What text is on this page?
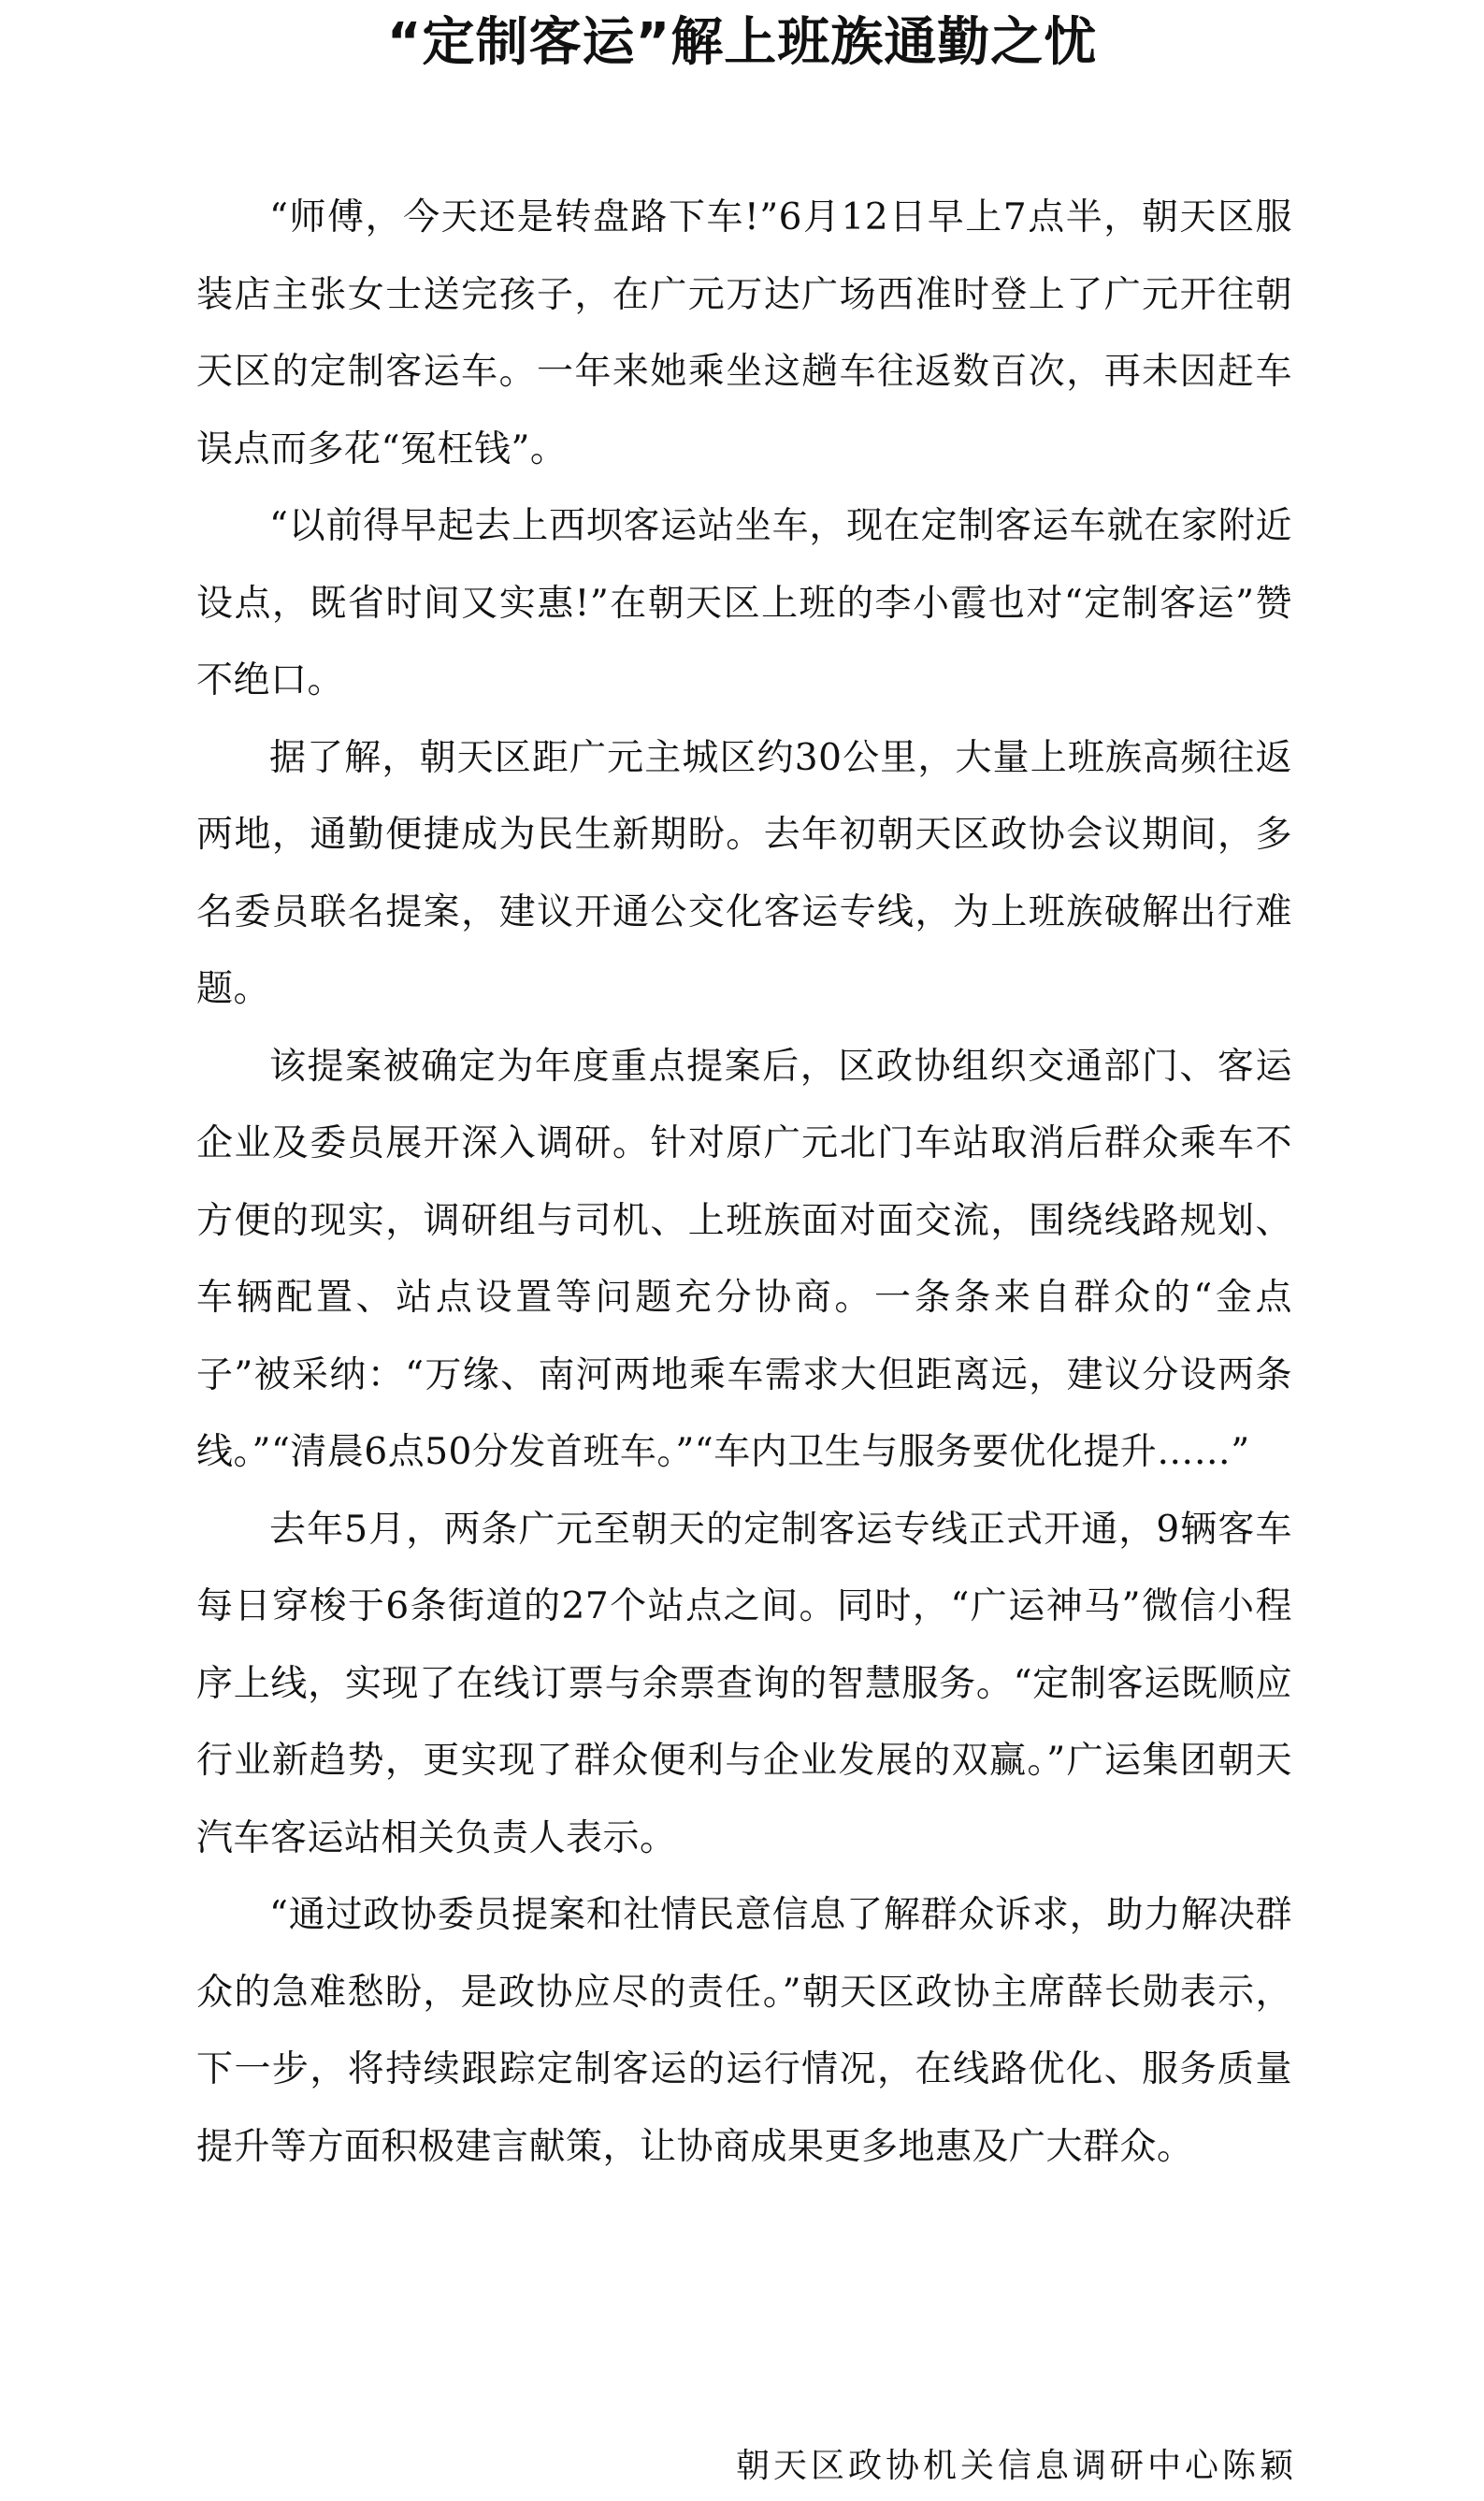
“定制客运”解上班族通勤之忧

“师傅，今天还是转盘路下车!”6月12日早上7点半，朝天区服装店主张女士送完孩子，在广元万达广场西准时登上了广元开往朝天区的定制客运车。一年来她乘坐这趟车往返数百次，再未因赶车误点而多花“冤枉钱”。

“以前得早起去上西坝客运站坐车，现在定制客运车就在家附近设点，既省时间又实惠!”在朝天区上班的李小霞也对“定制客运”赞不绝口。

据了解，朝天区距广元主城区约30公里，大量上班族高频往返两地，通勤便捷成为民生新期盼。去年初朝天区政协会议期间，多名委员联名提案，建议开通公交化客运专线，为上班族破解出行难题。

该提案被确定为年度重点提案后，区政协组织交通部门、客运企业及委员展开深入调研。针对原广元北门车站取消后群众乘车不方便的现实，调研组与司机、上班族面对面交流，围绕线路规划、车辆配置、站点设置等问题充分协商。一条条来自群众的“金点子”被采纳：“万缘、南河两地乘车需求大但距离远，建议分设两条线。”“清晨6点50分发首班车。”“车内卫生与服务要优化提升……”

去年5月，两条广元至朝天的定制客运专线正式开通，9辆客车每日穿梭于6条街道的27个站点之间。同时，“广运神马”微信小程序上线，实现了在线订票与余票查询的智慧服务。“定制客运既顺应行业新趋势，更实现了群众便利与企业发展的双赢。”广运集团朝天汽车客运站相关负责人表示。

“通过政协委员提案和社情民意信息了解群众诉求，助力解决群众的急难愁盼，是政协应尽的责任。”朝天区政协主席薛长勋表示，下一步，将持续跟踪定制客运的运行情况，在线路优化、服务质量提升等方面积极建言献策，让协商成果更多地惠及广大群众。

朝天区政协机关信息调研中心陈颖
